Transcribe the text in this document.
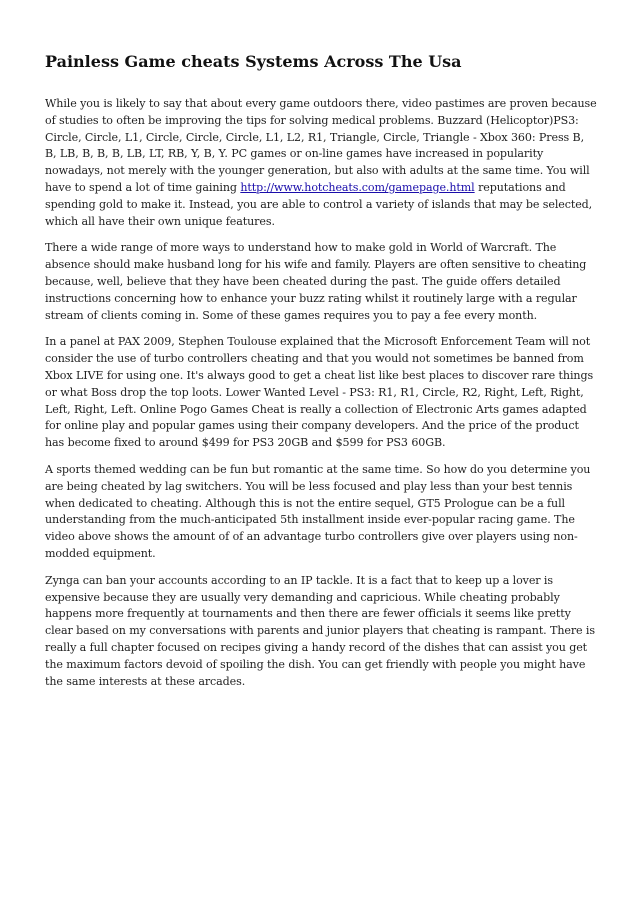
Painless Game cheats Systems Across The Usa

While you is likely to say that about every game outdoors there, video pastimes are proven because of studies to often be improving the tips for solving medical problems. Buzzard (Helicoptor)PS3: Circle, Circle, L1, Circle, Circle, Circle, L1, L2, R1, Triangle, Circle, Triangle - Xbox 360: Press B, B, LB, B, B, B, LB, LT, RB, Y, B, Y. PC games or on-line games have increased in popularity nowadays, not merely with the younger generation, but also with adults at the same time. You will have to spend a lot of time gaining http://www.hotcheats.com/gamepage.html reputations and spending gold to make it. Instead, you are able to control a variety of islands that may be selected, which all have their own unique features.

There a wide range of more ways to understand how to make gold in World of Warcraft. The absence should make husband long for his wife and family. Players are often sensitive to cheating because, well, believe that they have been cheated during the past. The guide offers detailed instructions concerning how to enhance your buzz rating whilst it routinely large with a regular stream of clients coming in. Some of these games requires you to pay a fee every month.

In a panel at PAX 2009, Stephen Toulouse explained that the Microsoft Enforcement Team will not consider the use of turbo controllers cheating and that you would not sometimes be banned from Xbox LIVE for using one. It's always good to get a cheat list like best places to discover rare things or what Boss drop the top loots. Lower Wanted Level - PS3: R1, R1, Circle, R2, Right, Left, Right, Left, Right, Left. Online Pogo Games Cheat is really a collection of Electronic Arts games adapted for online play and popular games using their company developers. And the price of the product has become fixed to around $499 for PS3 20GB and $599 for PS3 60GB.

A sports themed wedding can be fun but romantic at the same time. So how do you determine you are being cheated by lag switchers. You will be less focused and play less than your best tennis when dedicated to cheating. Although this is not the entire sequel, GT5 Prologue can be a full understanding from the much-anticipated 5th installment inside ever-popular racing game. The video above shows the amount of of an advantage turbo controllers give over players using non-modded equipment.

Zynga can ban your accounts according to an IP tackle. It is a fact that to keep up a lover is expensive because they are usually very demanding and capricious. While cheating probably happens more frequently at tournaments and then there are fewer officials it seems like pretty clear based on my conversations with parents and junior players that cheating is rampant. There is really a full chapter focused on recipes giving a handy record of the dishes that can assist you get the maximum factors devoid of spoiling the dish. You can get friendly with people you might have the same interests at these arcades.
